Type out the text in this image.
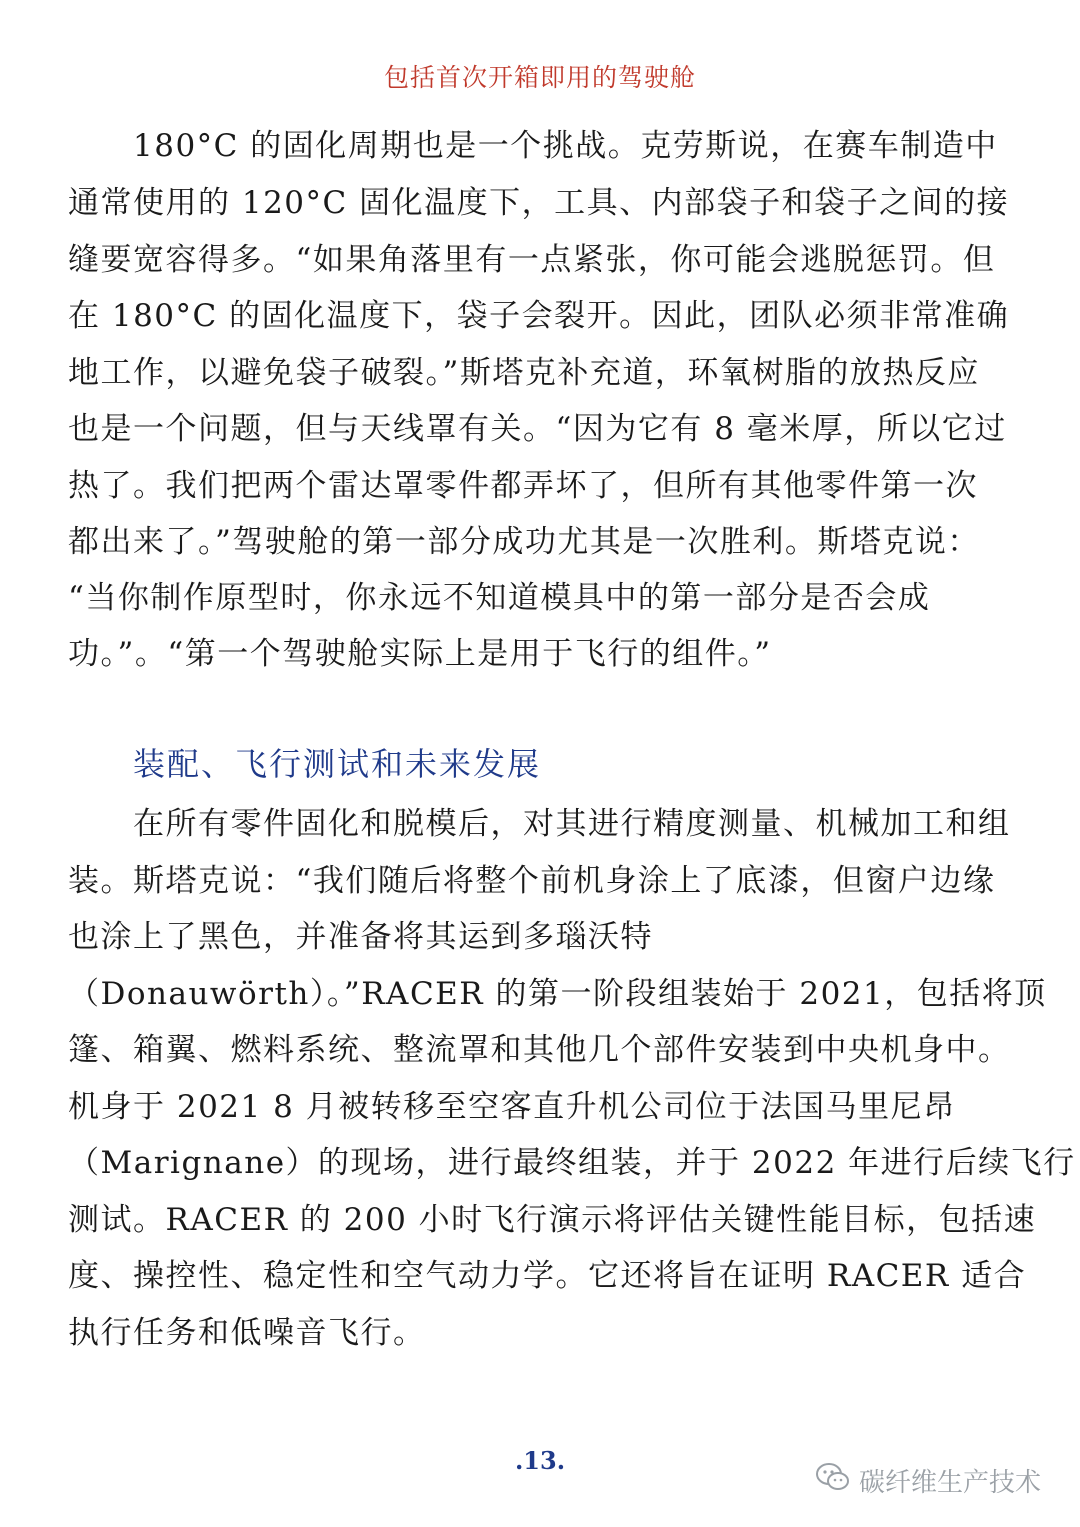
包括首次开箱即用的驾驶舱
180°C 的固化周期也是一个挑战。克劳斯说，在赛车制造中
通常使用的 120°C 固化温度下，工具、内部袋子和袋子之间的接
缝要宽容得多。“如果角落里有一点紧张，你可能会逃脱惩罚。但
在 180°C 的固化温度下，袋子会裂开。因此，团队必须非常准确
地工作，以避免袋子破裂。”斯塔克补充道，环氧树脂的放热反应
也是一个问题，但与天线罩有关。“因为它有 8 毫米厚，所以它过
热了。我们把两个雷达罩零件都弄坏了，但所有其他零件第一次
都出来了。”驾驶舱的第一部分成功尤其是一次胜利。斯塔克说：
“当你制作原型时，你永远不知道模具中的第一部分是否会成
功。”。“第一个驾驶舱实际上是用于飞行的组件。”
装配、飞行测试和未来发展
在所有零件固化和脱模后，对其进行精度测量、机械加工和组
装。斯塔克说：“我们随后将整个前机身涂上了底漆，但窗户边缘
也涂上了黑色，并准备将其运到多瑙沃特
（Donauwörth）。”RACER 的第一阶段组装始于 2021，包括将顶
篷、箱翼、燃料系统、整流罩和其他几个部件安装到中央机身中。
机身于 2021 8 月被转移至空客直升机公司位于法国马里尼昂
（Marignane）的现场，进行最终组装，并于 2022 年进行后续飞行
测试。RACER 的 200 小时飞行演示将评估关键性能目标，包括速
度、操控性、稳定性和空气动力学。它还将旨在证明 RACER 适合
执行任务和低噪音飞行。
.13.
碳纤维生产技术
